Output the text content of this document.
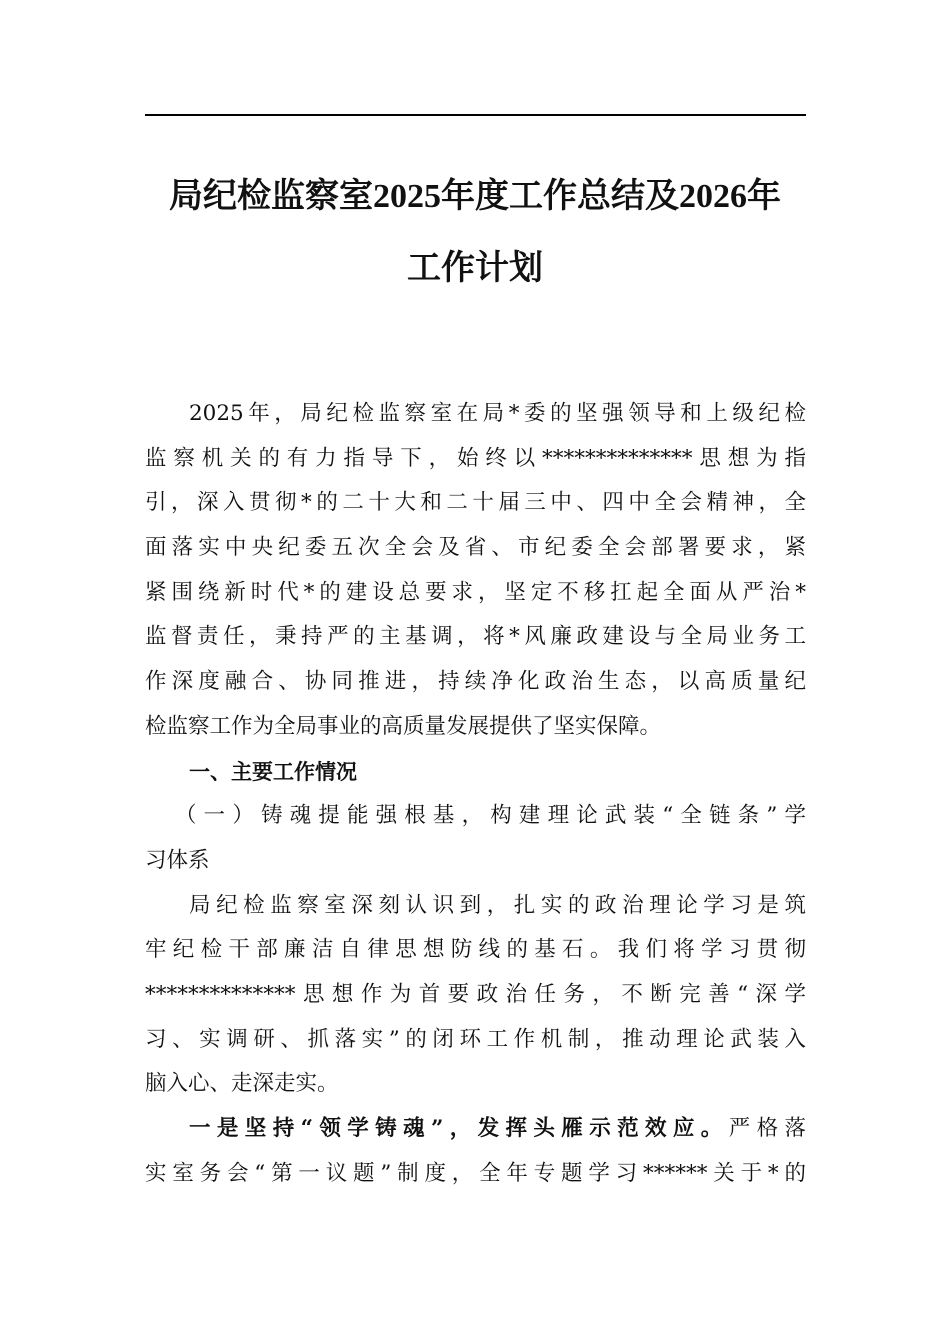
局纪检监察室2025年度工作总结及2026年
工作计划
2025年，局纪检监察室在局*委的坚强领导和上级纪检
监察机关的有力指导下，始终以**************思想为指
引，深入贯彻*的二十大和二十届三中、四中全会精神，全
面落实中央纪委五次全会及省、市纪委全会部署要求，紧
紧围绕新时代*的建设总要求，坚定不移扛起全面从严治*
监督责任，秉持严的主基调，将*风廉政建设与全局业务工
作深度融合、协同推进，持续净化政治生态，以高质量纪
检监察工作为全局事业的高质量发展提供了坚实保障。
一、主要工作情况
（一）铸魂提能强根基，构建理论武装“全链条”学
习体系
局纪检监察室深刻认识到，扎实的政治理论学习是筑
牢纪检干部廉洁自律思想防线的基石。我们将学习贯彻
**************思想作为首要政治任务，不断完善“深学
习、实调研、抓落实”的闭环工作机制，推动理论武装入
脑入心、走深走实。
一是坚持“领学铸魂”，发挥头雁示范效应。严格落
实室务会“第一议题”制度，全年专题学习******关于*的
